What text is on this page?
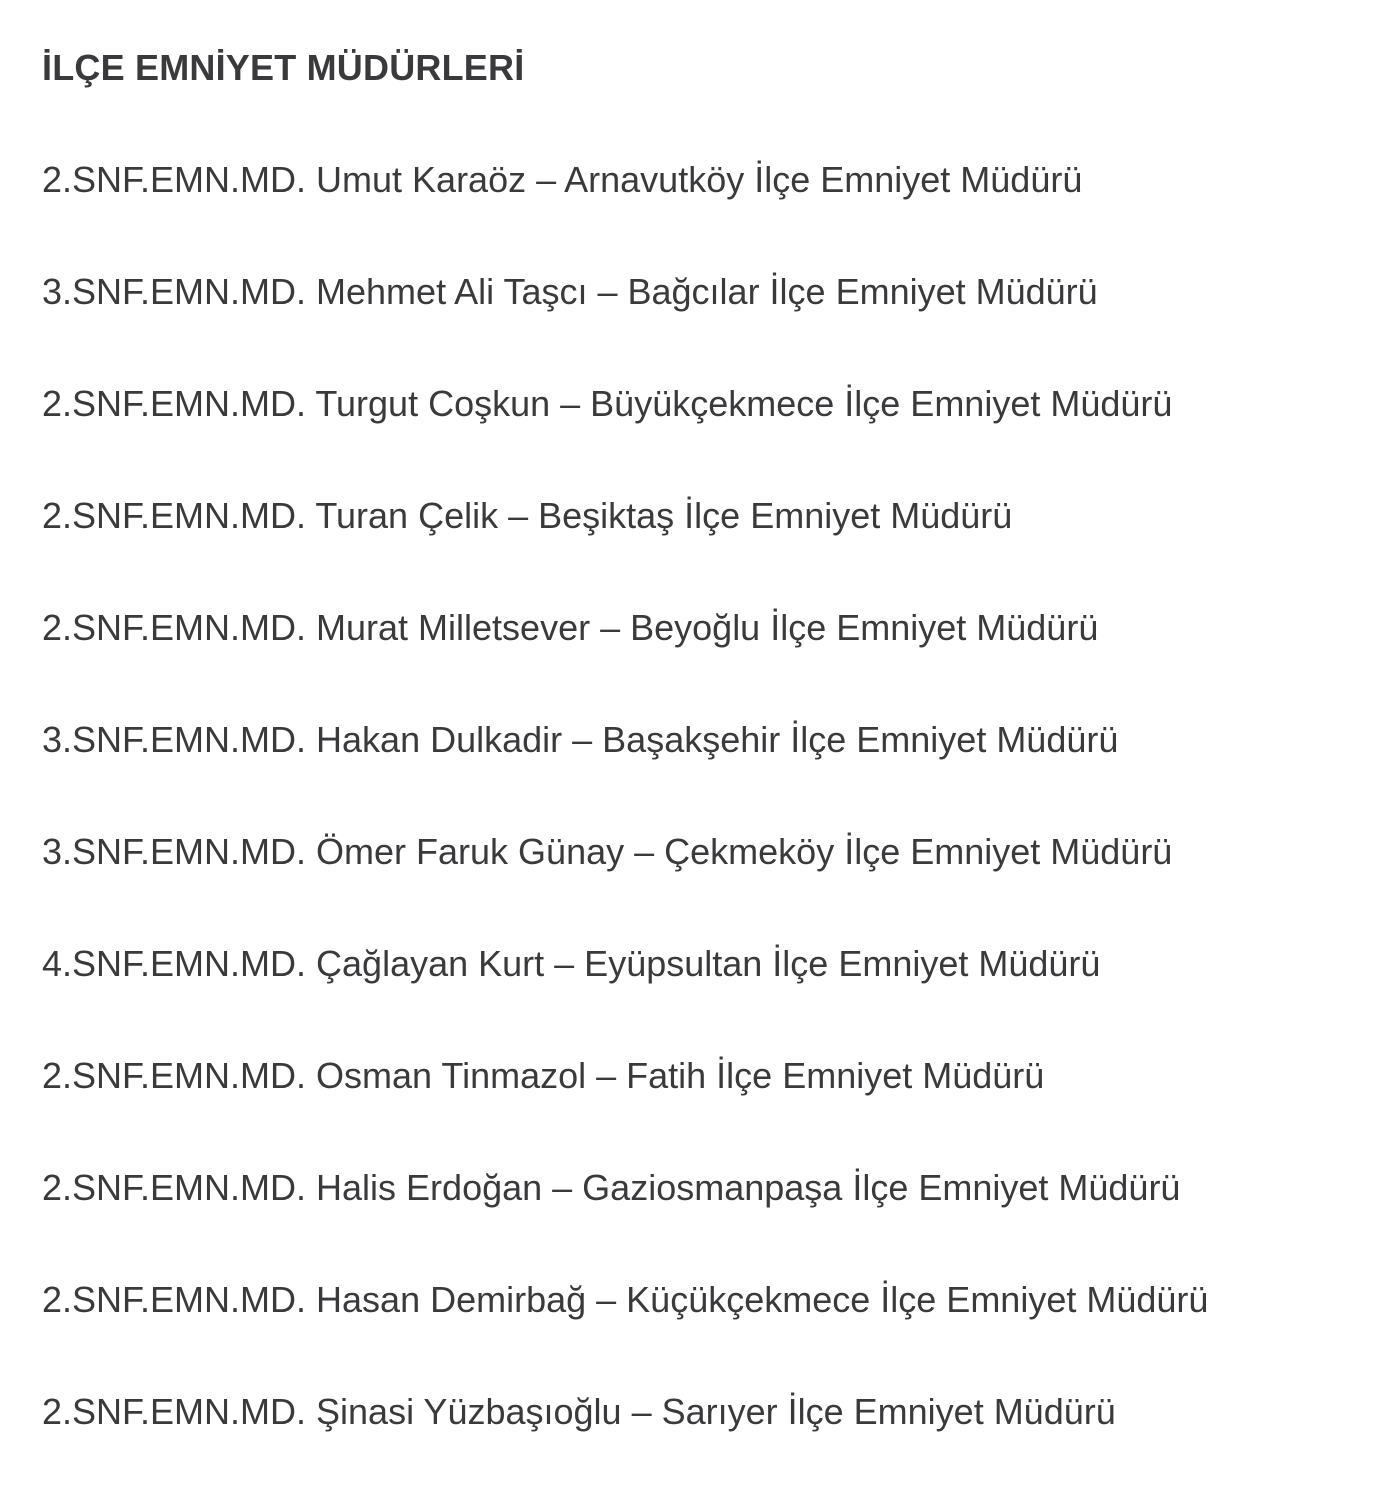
İLÇE EMNİYET MÜDÜRLERİ
2.SNF.EMN.MD. Umut Karaöz – Arnavutköy İlçe Emniyet Müdürü
3.SNF.EMN.MD. Mehmet Ali Taşcı – Bağcılar İlçe Emniyet Müdürü
2.SNF.EMN.MD. Turgut Coşkun – Büyükçekmece İlçe Emniyet Müdürü
2.SNF.EMN.MD. Turan Çelik – Beşiktaş İlçe Emniyet Müdürü
2.SNF.EMN.MD. Murat Milletsever – Beyoğlu İlçe Emniyet Müdürü
3.SNF.EMN.MD. Hakan Dulkadir – Başakşehir İlçe Emniyet Müdürü
3.SNF.EMN.MD. Ömer Faruk Günay – Çekmeköy İlçe Emniyet Müdürü
4.SNF.EMN.MD. Çağlayan Kurt – Eyüpsultan İlçe Emniyet Müdürü
2.SNF.EMN.MD. Osman Tinmazol – Fatih İlçe Emniyet Müdürü
2.SNF.EMN.MD. Halis Erdoğan – Gaziosmanpaşa İlçe Emniyet Müdürü
2.SNF.EMN.MD. Hasan Demirbağ – Küçükçekmece İlçe Emniyet Müdürü
2.SNF.EMN.MD. Şinasi Yüzbaşıoğlu – Sarıyer İlçe Emniyet Müdürü
